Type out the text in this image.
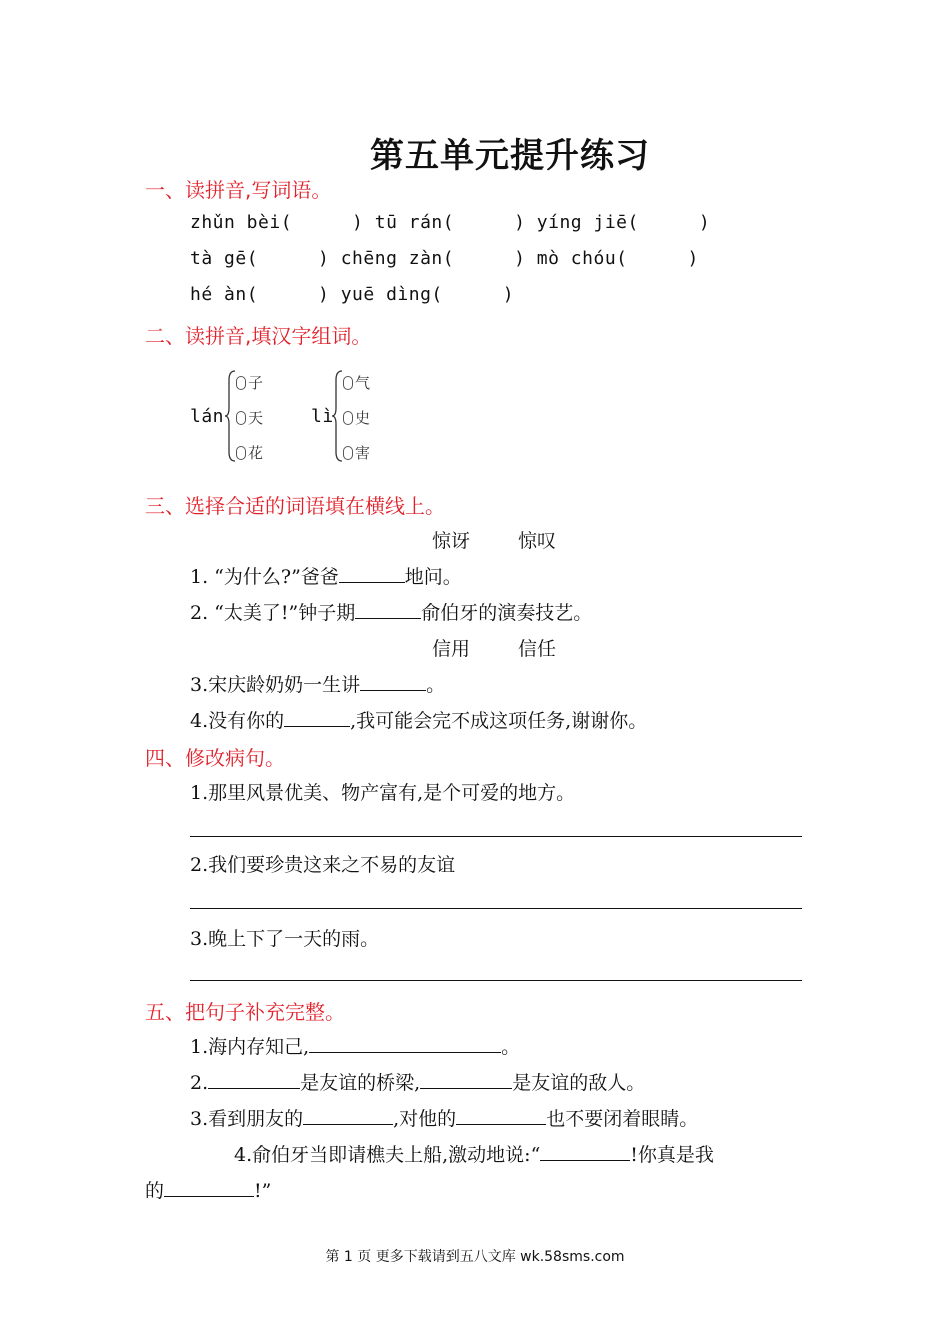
第五单元提升练习
一、读拼音,写词语。
zhǔn bèi(	) tū rán(	) yíng jiē(	)
tà gē(	) chēng zàn(	) mò chóu(	)
hé àn(	) yuē dìng(	)
二、读拼音,填汉字组词。
lán
子
天
花
lì
气
史
害
三、选择合适的词语填在横线上。
惊讶	惊叹
1. “为什么?”爸爸	地问。
2. “太美了!”钟子期	俞伯牙的演奏技艺。
信用	信任
3.宋庆龄奶奶一生讲	。
4.没有你的	,我可能会完不成这项任务,谢谢你。
四、修改病句。
1.那里风景优美、物产富有,是个可爱的地方。
2.我们要珍贵这来之不易的友谊
3.晚上下了一天的雨。
五、把句子补充完整。
1.海内存知己,	。
2.	是友谊的桥梁,	是友谊的敌人。
3.看到朋友的	,对他的	也不要闭着眼睛。
4.俞伯牙当即请樵夫上船,激动地说:“	!你真是我
的	!”
第 1 页 更多下载请到五八文库 wk.58sms.com
